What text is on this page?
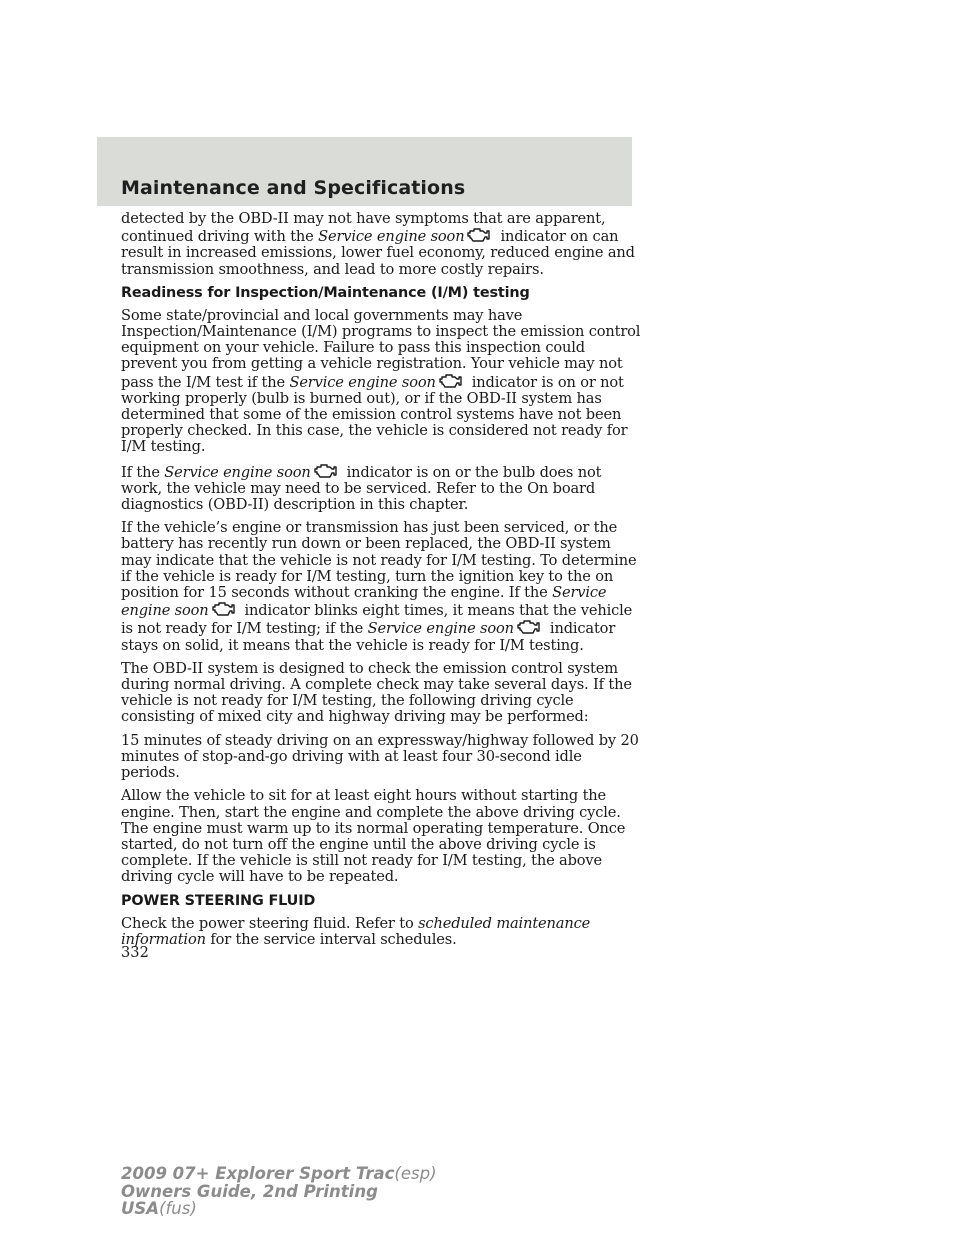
Maintenance and Specifications

detected by the OBD-II may not have symptoms that are apparent, continued driving with the Service engine soon indicator on can result in increased emissions, lower fuel economy, reduced engine and transmission smoothness, and lead to more costly repairs.

Readiness for Inspection/Maintenance (I/M) testing

Some state/provincial and local governments may have Inspection/Maintenance (I/M) programs to inspect the emission control equipment on your vehicle. Failure to pass this inspection could prevent you from getting a vehicle registration. Your vehicle may not pass the I/M test if the Service engine soon indicator is on or not working properly (bulb is burned out), or if the OBD-II system has determined that some of the emission control systems have not been properly checked. In this case, the vehicle is considered not ready for I/M testing.

If the Service engine soon indicator is on or the bulb does not work, the vehicle may need to be serviced. Refer to the On board diagnostics (OBD-II) description in this chapter.

If the vehicle’s engine or transmission has just been serviced, or the battery has recently run down or been replaced, the OBD-II system may indicate that the vehicle is not ready for I/M testing. To determine if the vehicle is ready for I/M testing, turn the ignition key to the on position for 15 seconds without cranking the engine. If the Service engine soon indicator blinks eight times, it means that the vehicle is not ready for I/M testing; if the Service engine soon indicator stays on solid, it means that the vehicle is ready for I/M testing.

The OBD-II system is designed to check the emission control system during normal driving. A complete check may take several days. If the vehicle is not ready for I/M testing, the following driving cycle consisting of mixed city and highway driving may be performed:

15 minutes of steady driving on an expressway/highway followed by 20 minutes of stop-and-go driving with at least four 30-second idle periods.

Allow the vehicle to sit for at least eight hours without starting the engine. Then, start the engine and complete the above driving cycle. The engine must warm up to its normal operating temperature. Once started, do not turn off the engine until the above driving cycle is complete. If the vehicle is still not ready for I/M testing, the above driving cycle will have to be repeated.

POWER STEERING FLUID

Check the power steering fluid. Refer to scheduled maintenance information for the service interval schedules.

332
2009 07+ Explorer Sport Trac(esp)
Owners Guide, 2nd Printing
USA(fus)
